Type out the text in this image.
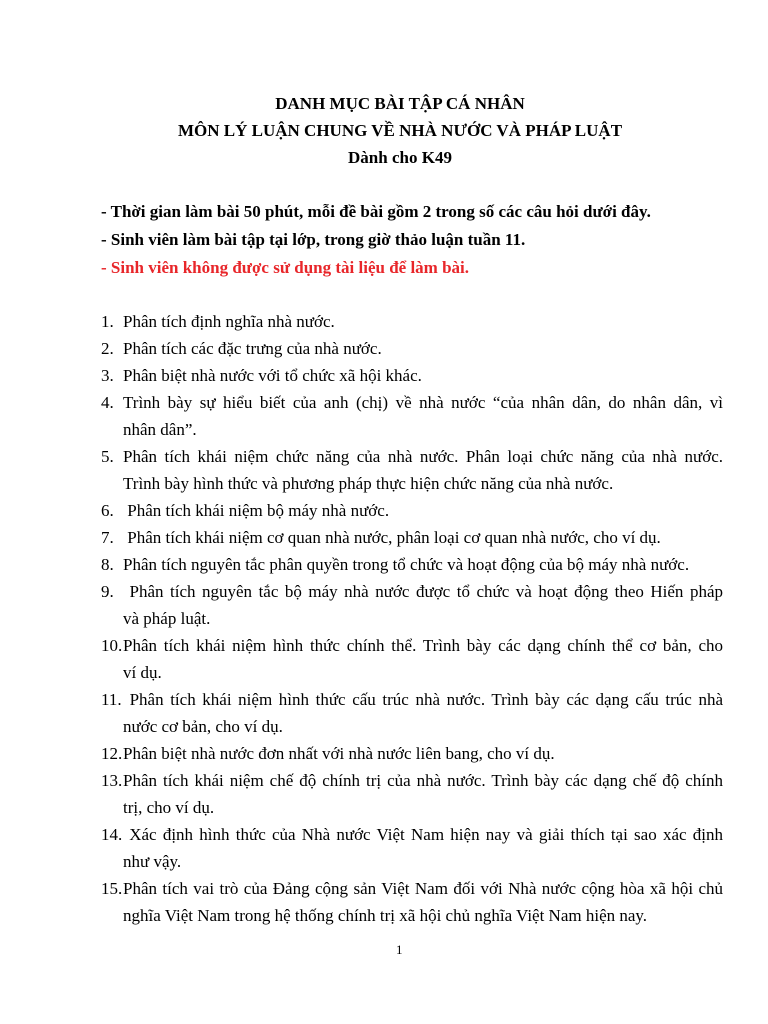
DANH MỤC BÀI TẬP CÁ NHÂN
MÔN LÝ LUẬN CHUNG VỀ NHÀ NƯỚC VÀ PHÁP LUẬT
Dành cho K49
- Thời gian làm bài 50 phút, mỗi đề bài gồm 2 trong số các câu hỏi dưới đây.
- Sinh viên làm bài tập tại lớp, trong giờ thảo luận tuần 11.
- Sinh viên không được sử dụng tài liệu để làm bài.
1. Phân tích định nghĩa nhà nước.
2. Phân tích các đặc trưng của nhà nước.
3. Phân biệt nhà nước với tổ chức xã hội khác.
4. Trình bày sự hiểu biết của anh (chị) về nhà nước “của nhân dân, do nhân dân, vì
nhân dân”.
5. Phân tích khái niệm chức năng của nhà nước. Phân loại chức năng của nhà nước.
Trình bày hình thức và phương pháp thực hiện chức năng của nhà nước.
6. Phân tích khái niệm bộ máy nhà nước.
7. Phân tích khái niệm cơ quan nhà nước, phân loại cơ quan nhà nước, cho ví dụ.
8. Phân tích nguyên tắc phân quyền trong tổ chức và hoạt động của bộ máy nhà nước.
9. Phân tích nguyên tắc bộ máy nhà nước được tổ chức và hoạt động theo Hiến pháp
và pháp luật.
10.Phân tích khái niệm hình thức chính thể. Trình bày các dạng chính thể cơ bản, cho
ví dụ.
11. Phân tích khái niệm hình thức cấu trúc nhà nước. Trình bày các dạng cấu trúc nhà
nước cơ bản, cho ví dụ.
12.Phân biệt nhà nước đơn nhất với nhà nước liên bang, cho ví dụ.
13.Phân tích khái niệm chế độ chính trị của nhà nước. Trình bày các dạng chế độ chính
trị, cho ví dụ.
14. Xác định hình thức của Nhà nước Việt Nam hiện nay và giải thích tại sao xác định
như vậy.
15.Phân tích vai trò của Đảng cộng sản Việt Nam đối với Nhà nước cộng hòa xã hội chủ
nghĩa Việt Nam trong hệ thống chính trị xã hội chủ nghĩa Việt Nam hiện nay.
1
